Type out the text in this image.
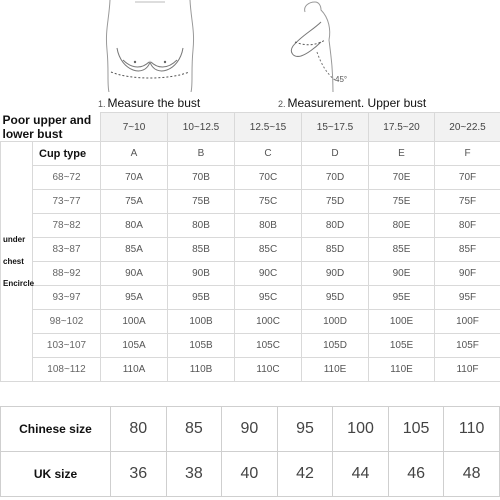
45°
1. Measure the bust	2. Measurement. Upper bust
Poor upper and lower bust		7~10	10~12.5	12.5~15	15~17.5	17.5~20	20~22.5

under
chest
Encircle	Cup type	A	B	C	D	E	F
	68~72	70A	70B	70C	70D	70E	70F
	73~77	75A	75B	75C	75D	75E	75F
	78~82	80A	80B	80B	80D	80E	80F
	83~87	85A	85B	85C	85D	85E	85F
	88~92	90A	90B	90C	90D	90E	90F
	93~97	95A	95B	95C	95D	95E	95F
	98~102	100A	100B	100C	100D	100E	100F
	103~107	105A	105B	105C	105D	105E	105F
	108~112	110A	110B	110C	110E	110E	110F
Chinese size	80	85	90	95	100	105	110
UK size	36	38	40	42	44	46	48
